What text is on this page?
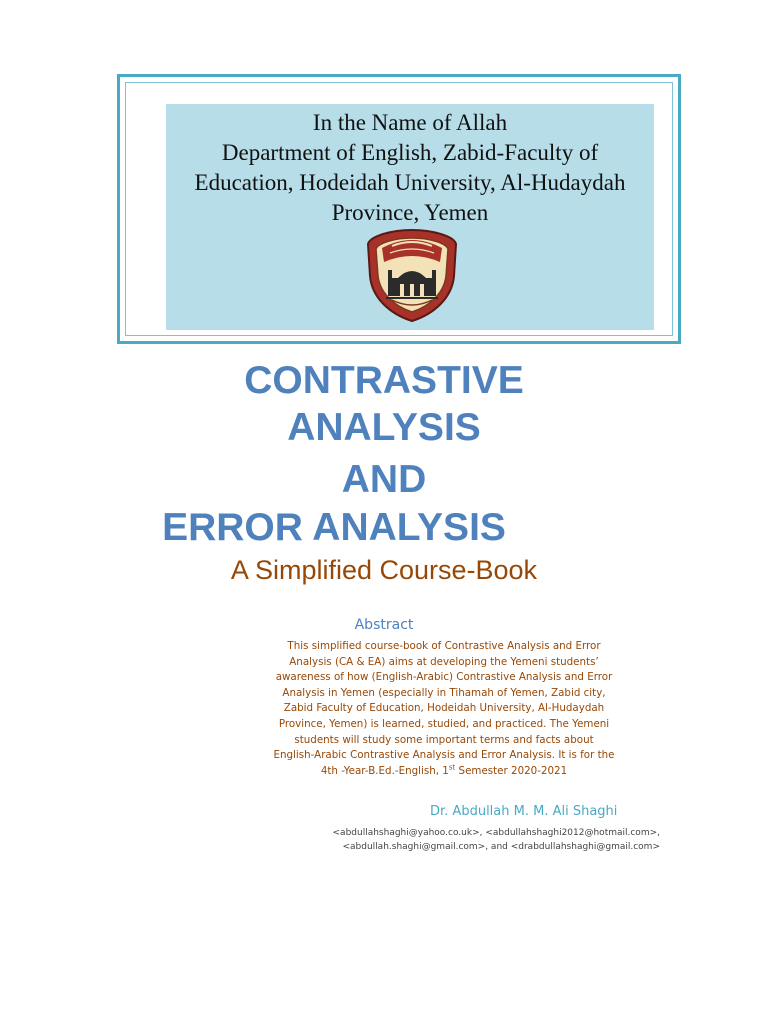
In the Name of Allah
Department of English, Zabid-Faculty of
Education, Hodeidah University, Al-Hudaydah
Province, Yemen
CONTRASTIVE
ANALYSIS
AND
ERROR ANALYSIS
A Simplified Course-Book
Abstract
This simplified course-book of Contrastive Analysis and Error
Analysis (CA & EA) aims at developing the Yemeni students’
awareness of how (English-Arabic) Contrastive Analysis and Error
Analysis in Yemen (especially in Tihamah of Yemen, Zabid city,
Zabid Faculty of Education, Hodeidah University, Al-Hudaydah
Province, Yemen) is learned, studied, and practiced. The Yemeni
students will study some important terms and facts about
English-Arabic Contrastive Analysis and Error Analysis. It is for the
4th -Year-B.Ed.-English, 1st Semester 2020-2021
Dr. Abdullah M. M. Ali Shaghi
<abdullahshaghi@yahoo.co.uk>, <abdullahshaghi2012@hotmail.com>,
<abdullah.shaghi@gmail.com>, and <drabdullahshaghi@gmail.com>
